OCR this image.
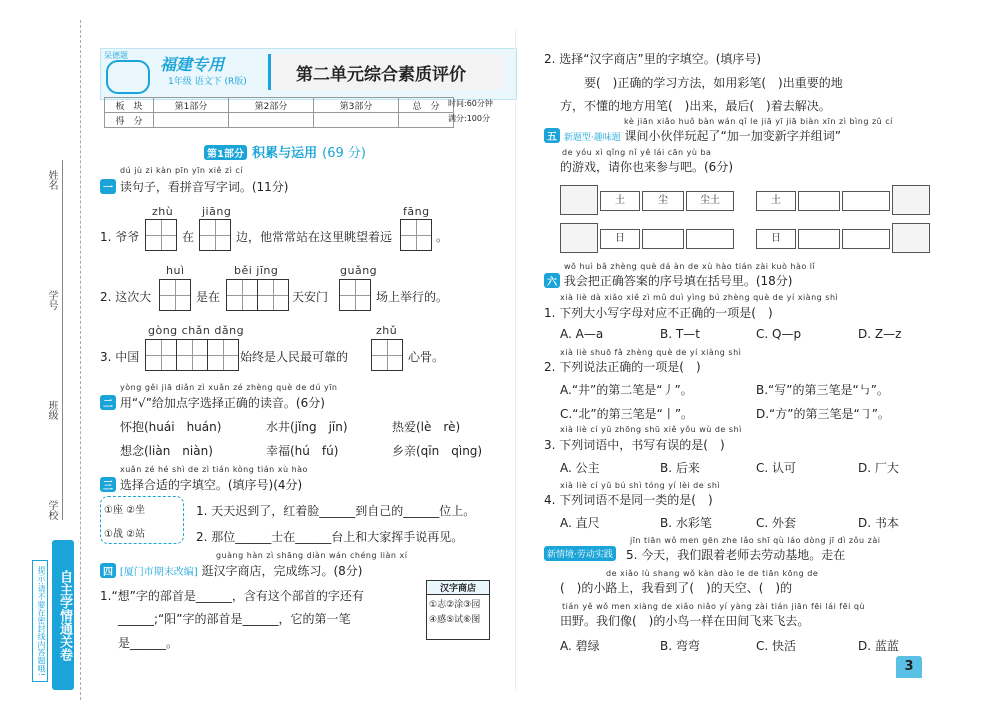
姓名
学号
班级
学校
提示:请不要在密封线内答题哦! 自主学情通关卷
呆德题 福建专用
1年级 语文下 (R版)	第二单元综合素质评价
板　块	第1部分	第2部分	第3部分	总　分
得　分				
时间:60分钟
满分:100分
第1部分 积累与运用 (69 分)
dú jù zi kàn pīn yīn xiě zì cí
一 读句子，看拼音写字词。(11分)
zhù	jiāng	fāng
1. 爷爷	在	边，他常常站在这里眺望着远	。
huì	běi jīng	guǎng
2. 这次大	是在	天安门	场上举行的。
gòng chǎn dǎng	zhǔ
3. 中国	始终是人民最可靠的	心骨。
yòng gěi jiā diǎn zì xuǎn zé zhèng què de dú yīn
二 用“√”给加点字选择正确的读音。(6分)
怀抱(huái　huán)	水井(jǐng　jīn)	热爱(lè　rè)
想念(liàn　niàn)	幸福(hú　fú)	乡亲(qīn　qìng)
xuǎn zé hé shì de zì tián kòng tián xù hào
三 选择合适的字填空。(填序号)(4分)
①座 ②坐
①战 ②站
1. 天天迟到了，红着脸______到自己的______位上。
2. 那位______士在______台上和大家挥手说再见。
guàng hàn zì shāng diàn wán chéng liàn xí
四 [厦门市期末改编] 逛汉字商店，完成练习。(8分)
1.“想”字的部首是______，含有这个部首的字还有
______;“阳”字的部首是______，它的第一笔
是______。
汉字商店
①志②涂③园
④感⑤试⑥图
2. 选择“汉字商店”里的字填空。(填序号)
要(　)正确的学习方法，如用彩笔(　)出重要的地
方，不懂的地方用笔(　)出来，最后(　)着去解决。
kè jiān xiǎo huǒ bàn wán qǐ le jiā yī jiā biàn xīn zì bìng zǔ cí
五 新题型·趣味题 课间小伙伴玩起了“加一加变新字并组词”
de yóu xì qǐng nǐ yě lái cān yù ba
的游戏，请你也来参与吧。(6分)
土	尘	尘土
日
土
日
wǒ huì bǎ zhèng què dá àn de xù hào tián zài kuò hào lǐ
六 我会把正确答案的序号填在括号里。(18分)
xià liè dà xiǎo xiě zì mǔ duì yìng bú zhèng què de yí xiàng shì
1. 下列大小写字母对应不正确的一项是(　)
A. A—a	B. T—t	C. Q—p	D. Z—z
xià liè shuō fǎ zhèng què de yí xiàng shì
2. 下列说法正确的一项是(　)
A.“井”的第二笔是“丿”。	B.“写”的第三笔是“㇉”。
C.“北”的第三笔是“丨”。	D.“方”的第三笔是“㇆”。
xià liè cí yǔ zhōng shū xiě yǒu wù de shì
3. 下列词语中，书写有误的是(　)
A. 公主	B. 后来	C. 认可	D. 厂大
xià liè cí yǔ bú shì tóng yí lèi de shì
4. 下列词语不是同一类的是(　)
A. 直尺	B. 水彩笔	C. 外套	D. 书本
jīn tiān wǒ men gēn zhe lǎo shī qù láo dòng jī dì zǒu zài
新情境·劳动实践 5. 今天，我们跟着老师去劳动基地。走在
de xiǎo lù shang wǒ kàn dào le de tiān kōng de
(　)的小路上，我看到了(　)的天空、(　)的
tián yě wǒ men xiàng de xiǎo niǎo yí yàng zài tián jiān fēi lái fēi qù
田野。我们像(　)的小鸟一样在田间飞来飞去。
A. 碧绿	B. 弯弯	C. 快活	D. 蓝蓝
3
